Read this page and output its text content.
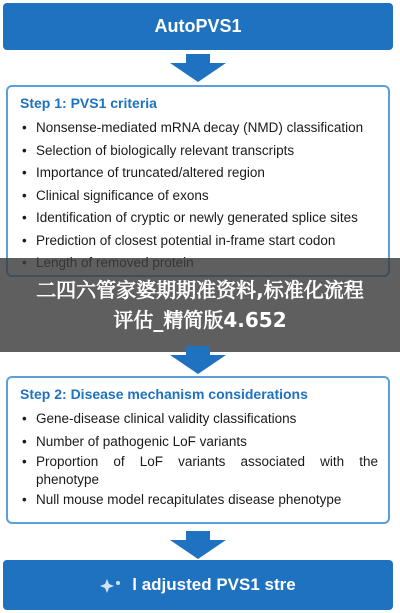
AutoPVS1
Step 1: PVS1 criteria
• Nonsense-mediated mRNA decay (NMD) classification
• Selection of biologically relevant transcripts
• Importance of truncated/altered region
• Clinical significance of exons
• Identification of cryptic or newly generated splice sites
• Prediction of closest potential in-frame start codon
•
二四六管家婆期期准资料,标准化流程评估_精简版4.652
Step 2: Disease mechanism considerations
• Gene-disease clinical validity classifications
• Number of pathogenic LoF variants
• Proportion of LoF variants associated with the
phenotype
• Null mouse model recapitulates disease phenotype
l adjusted PVS1 stre
